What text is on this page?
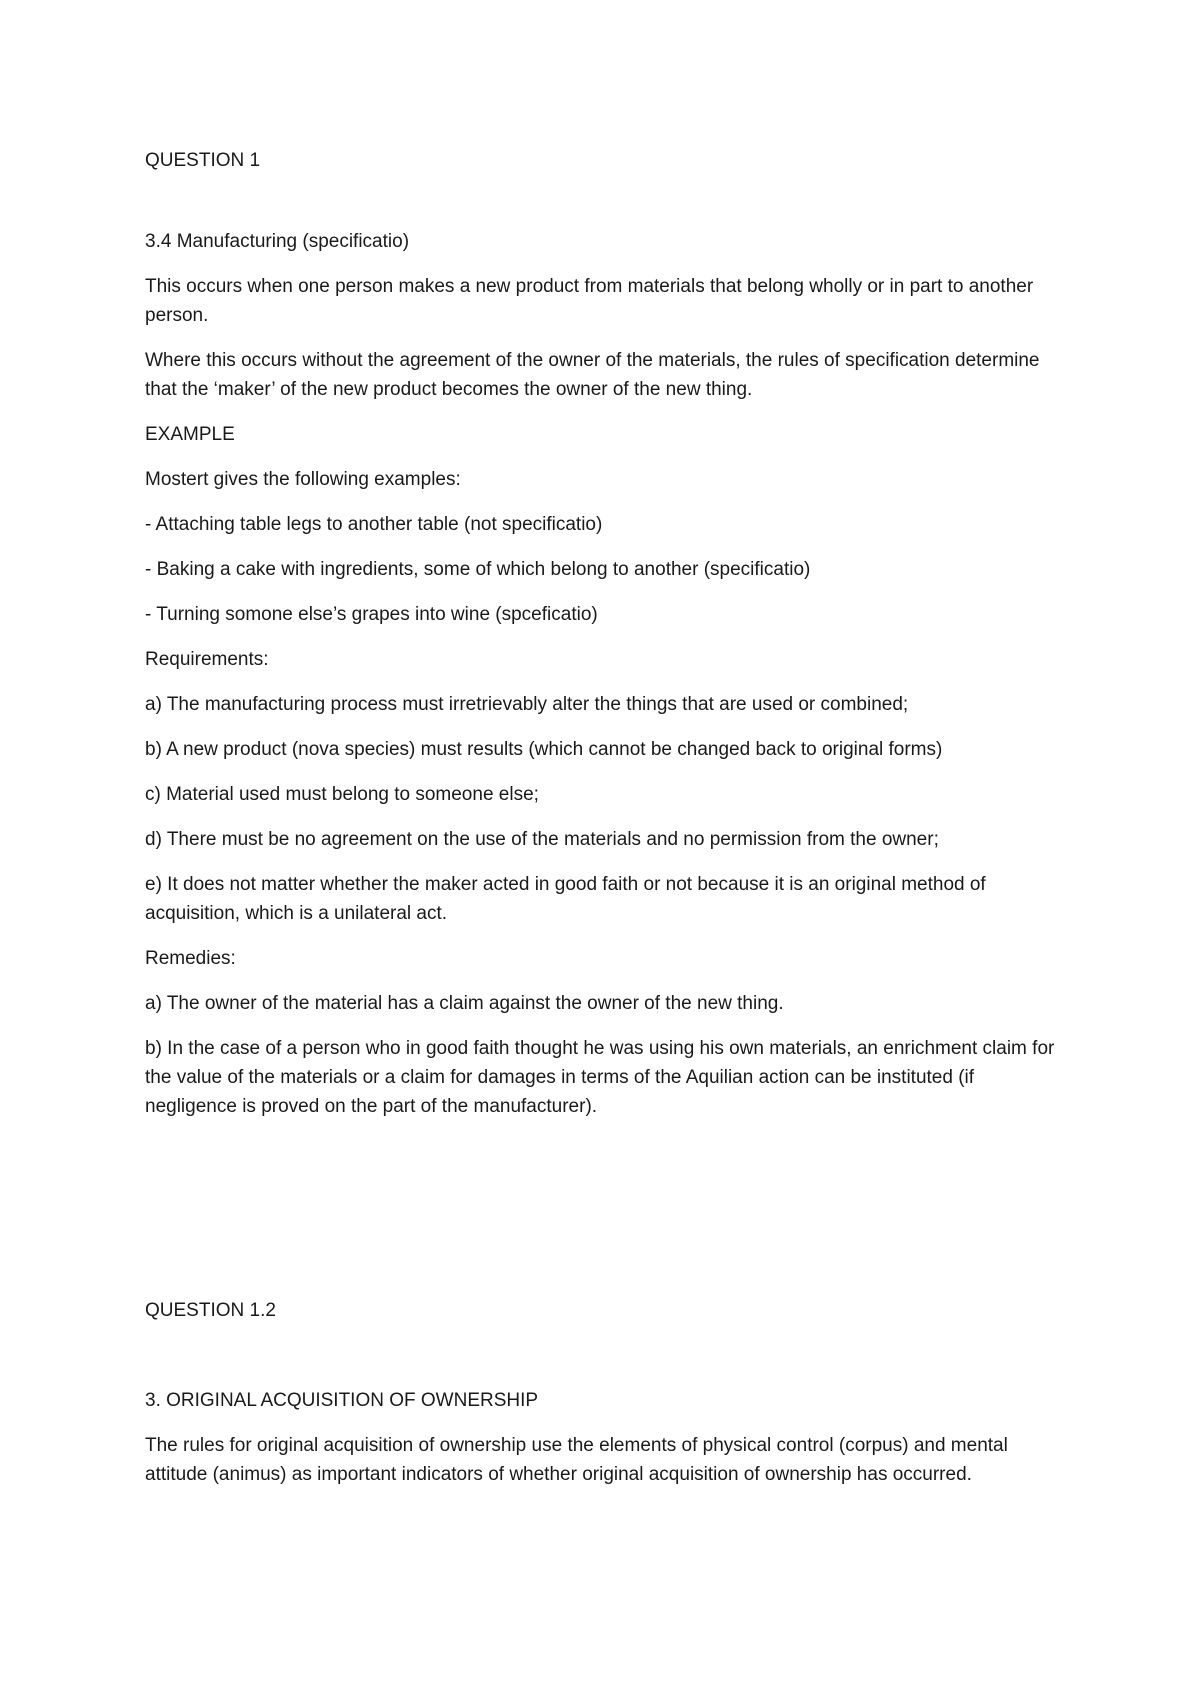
QUESTION 1

3.4 Manufacturing (specificatio)

This occurs when one person makes a new product from materials that belong wholly or in part to another person.

Where this occurs without the agreement of the owner of the materials, the rules of specification determine that the ‘maker’ of the new product becomes the owner of the new thing.

EXAMPLE

Mostert gives the following examples:

- Attaching table legs to another table (not specificatio)

- Baking a cake with ingredients, some of which belong to another (specificatio)

- Turning somone else’s grapes into wine (spceficatio)

Requirements:

a) The manufacturing process must irretrievably alter the things that are used or combined;

b) A new product (nova species) must results (which cannot be changed back to original forms)

c) Material used must belong to someone else;

d) There must be no agreement on the use of the materials and no permission from the owner;

e) It does not matter whether the maker acted in good faith or not because it is an original method of acquisition, which is a unilateral act.

Remedies:

a) The owner of the material has a claim against the owner of the new thing.

b) In the case of a person who in good faith thought he was using his own materials, an enrichment claim for the value of the materials or a claim for damages in terms of the Aquilian action can be instituted (if negligence is proved on the part of the manufacturer).

QUESTION 1.2

3. ORIGINAL ACQUISITION OF OWNERSHIP

The rules for original acquisition of ownership use the elements of physical control (corpus) and mental attitude (animus) as important indicators of whether original acquisition of ownership has occurred.
